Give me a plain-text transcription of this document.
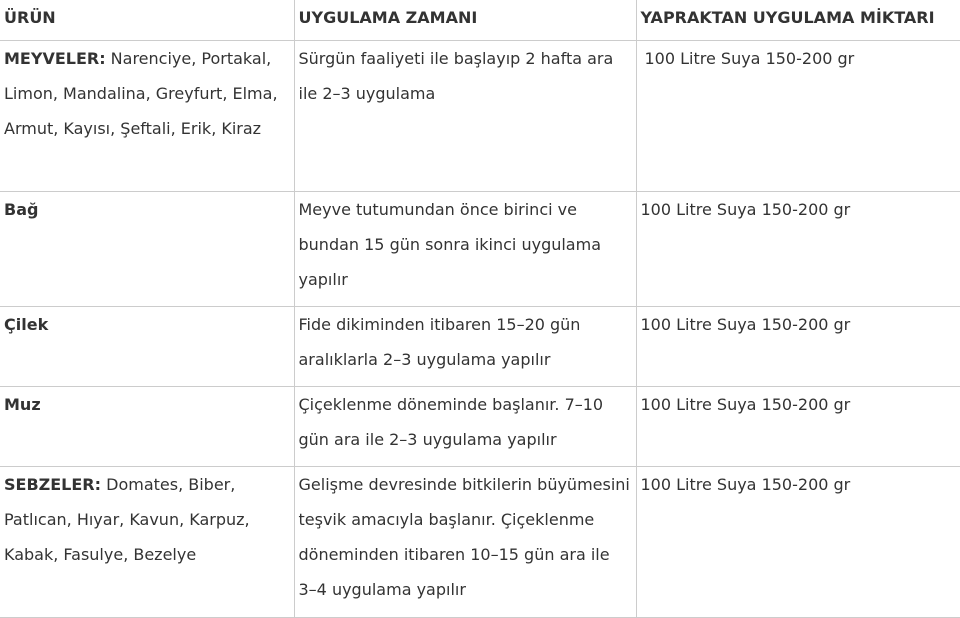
ÜRÜN	UYGULAMA ZAMANI	YAPRAKTAN UYGULAMA MİKTARI
MEYVELER: Narenciye, Portakal, Limon, Mandalina, Greyfurt, Elma, Armut, Kayısı, Şeftali, Erik, Kiraz	Sürgün faaliyeti ile başlayıp 2 hafta ara ile 2–3 uygulama	100 Litre Suya 150-200 gr
Bağ	Meyve tutumundan önce birinci ve bundan 15 gün sonra ikinci uygulama yapılır	100 Litre Suya 150-200 gr
Çilek	Fide dikiminden itibaren 15–20 gün aralıklarla 2–3 uygulama yapılır	100 Litre Suya 150-200 gr
Muz	Çiçeklenme döneminde başlanır. 7–10 gün ara ile 2–3 uygulama yapılır	100 Litre Suya 150-200 gr
SEBZELER: Domates, Biber, Patlıcan, Hıyar, Kavun, Karpuz, Kabak, Fasulye, Bezelye	Gelişme devresinde bitkilerin büyümesini teşvik amacıyla başlanır. Çiçeklenme döneminden itibaren 10–15 gün ara ile 3–4 uygulama yapılır	100 Litre Suya 150-200 gr
